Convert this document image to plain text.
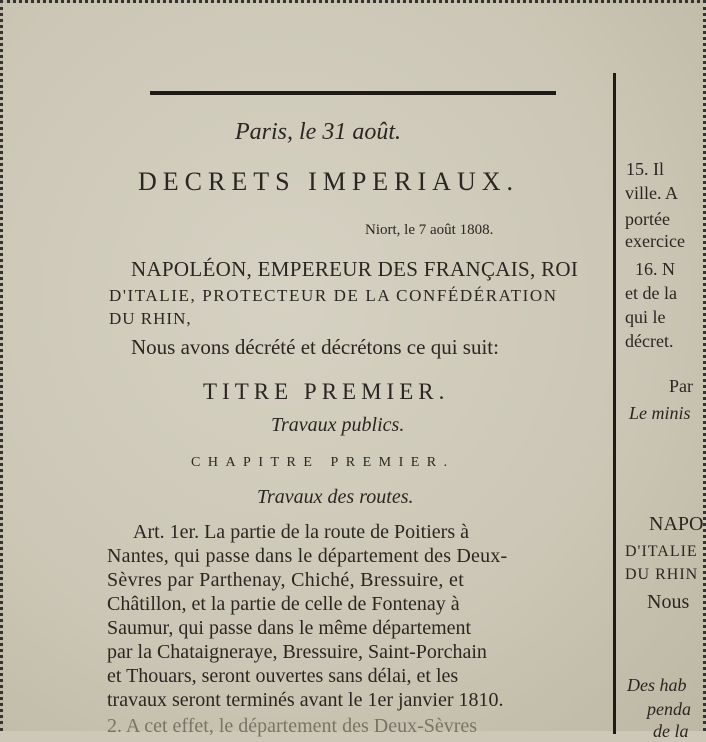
Paris, le 31 août.
DECRETS IMPERIAUX.
Niort, le 7 août 1808.
NAPOLÉON, EMPEREUR DES FRANÇAIS, ROI
D'ITALIE, PROTECTEUR DE LA CONFÉDÉRATION
DU RHIN,
Nous avons décrété et décrétons ce qui suit:
TITRE PREMIER.
Travaux publics.
CHAPITRE PREMIER.
Travaux des routes.
Art. 1er. La partie de la route de Poitiers à
Nantes, qui passe dans le département des Deux-
Sèvres par Parthenay, Chiché, Bressuire, et
Châtillon, et la partie de celle de Fontenay à
Saumur, qui passe dans le même département
par la Chataigneraye, Bressuire, Saint-Porchain
et Thouars, seront ouvertes sans délai, et les
travaux seront terminés avant le 1er janvier 1810.
2. A cet effet, le département des Deux-Sèvres
15. Il
ville. A
portée
exercice
16. N
et de la
qui le
décret.
Par
Le minis
NAPO
D'ITALIE
DU RHIN
Nous
Des hab
penda
de la
